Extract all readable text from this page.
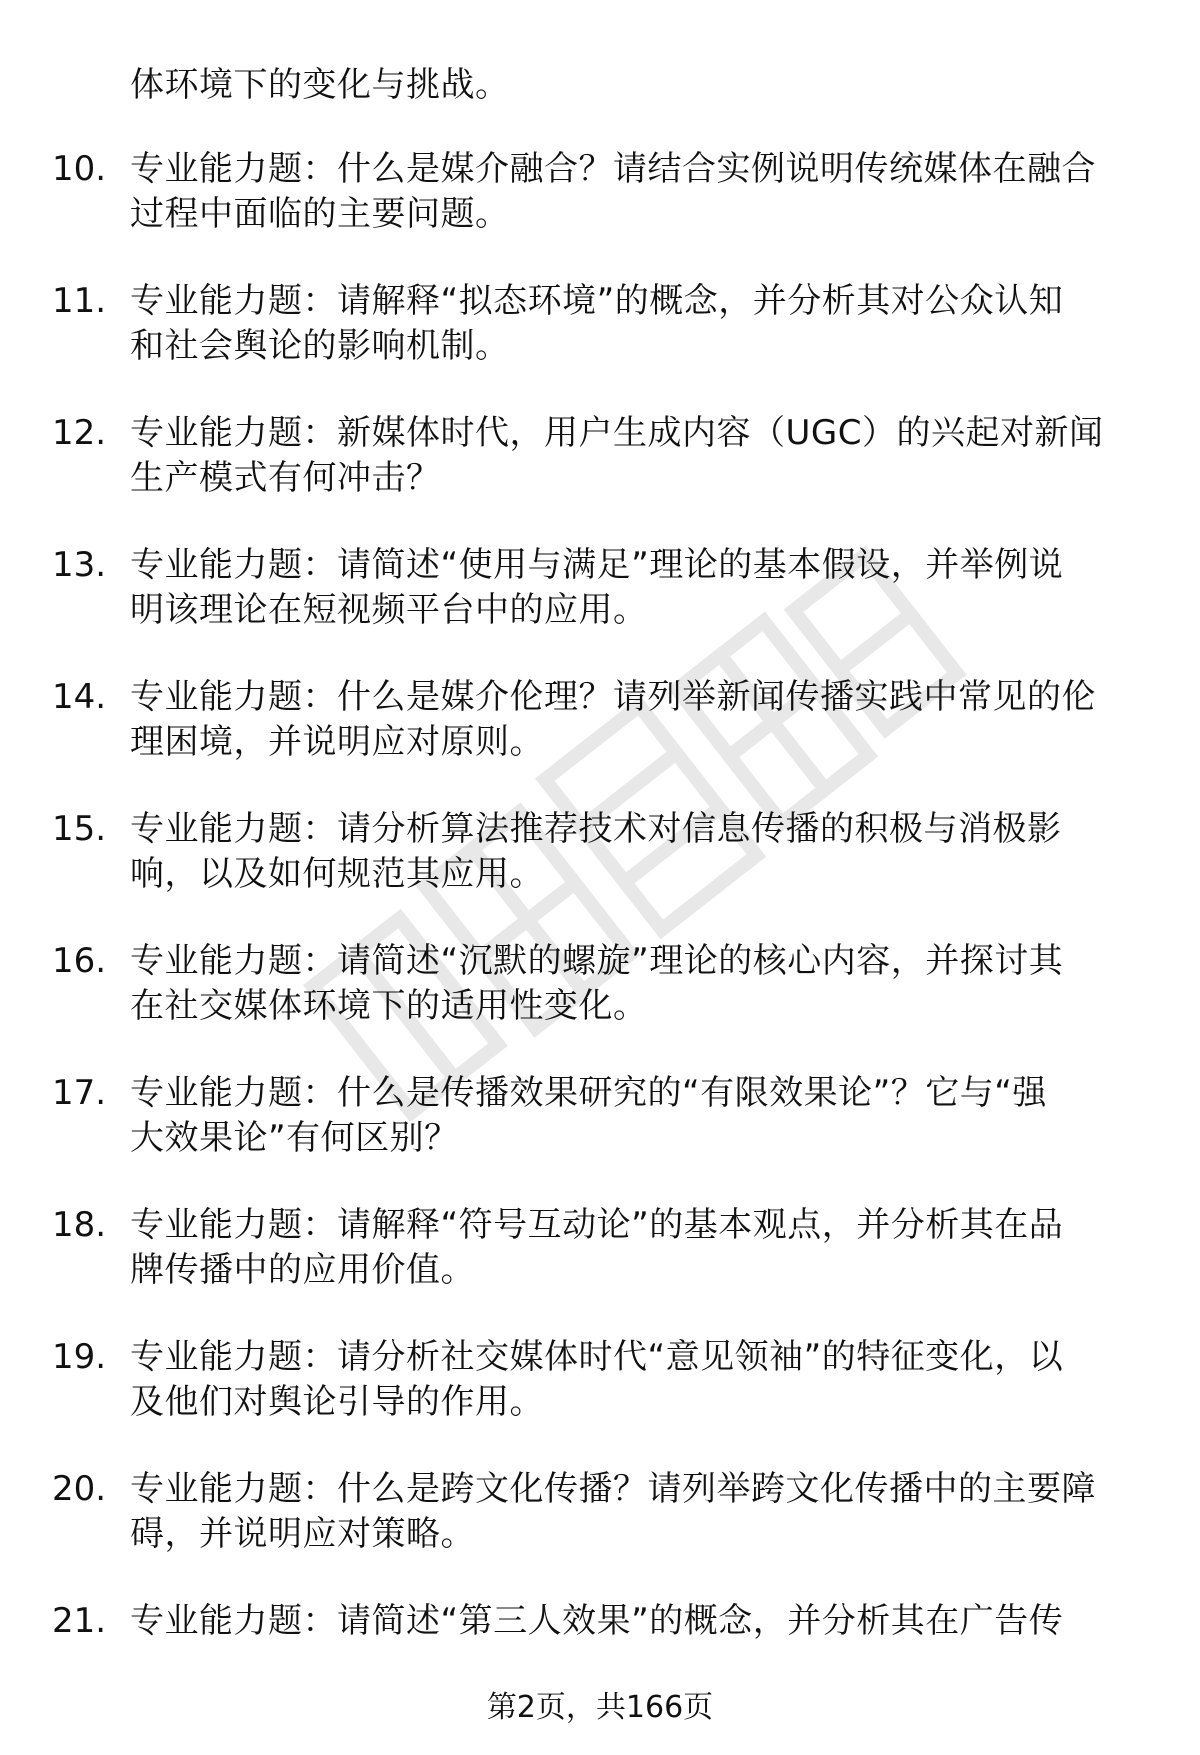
体环境下的变化与挑战。
10. 专业能力题：什么是媒介融合？请结合实例说明传统媒体在融合
过程中面临的主要问题。
11. 专业能力题：请解释“拟态环境”的概念，并分析其对公众认知
和社会舆论的影响机制。
12. 专业能力题：新媒体时代，用户生成内容（UGC）的兴起对新闻
生产模式有何冲击？
13. 专业能力题：请简述“使用与满足”理论的基本假设，并举例说
明该理论在短视频平台中的应用。
14. 专业能力题：什么是媒介伦理？请列举新闻传播实践中常见的伦
理困境，并说明应对原则。
15. 专业能力题：请分析算法推荐技术对信息传播的积极与消极影
响，以及如何规范其应用。
16. 专业能力题：请简述“沉默的螺旋”理论的核心内容，并探讨其
在社交媒体环境下的适用性变化。
17. 专业能力题：什么是传播效果研究的“有限效果论”？它与“强
大效果论”有何区别？
18. 专业能力题：请解释“符号互动论”的基本观点，并分析其在品
牌传播中的应用价值。
19. 专业能力题：请分析社交媒体时代“意见领袖”的特征变化，以
及他们对舆论引导的作用。
20. 专业能力题：什么是跨文化传播？请列举跨文化传播中的主要障
碍，并说明应对策略。
21. 专业能力题：请简述“第三人效果”的概念，并分析其在广告传
第2页，共166页
